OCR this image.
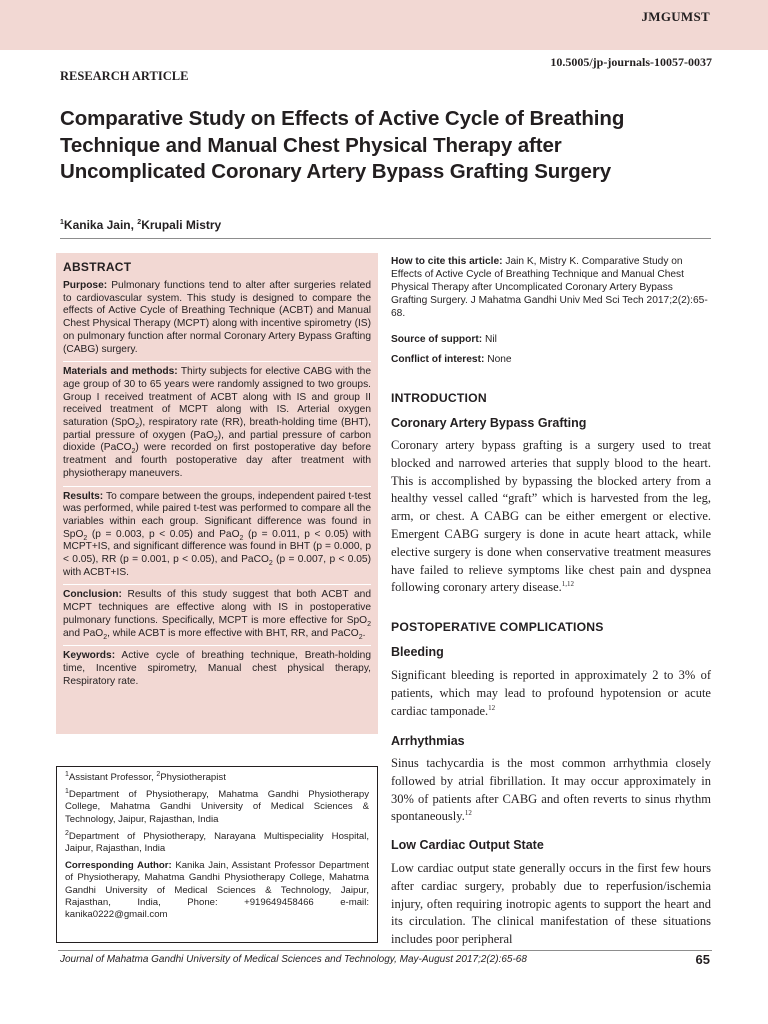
JMGUMST
10.5005/jp-journals-10057-0037
RESEARCH ARTICLE
Comparative Study on Effects of Active Cycle of Breathing Technique and Manual Chest Physical Therapy after Uncomplicated Coronary Artery Bypass Grafting Surgery
$^1$Kanika Jain, $^2$Krupali Mistry
ABSTRACT

Purpose: Pulmonary functions tend to alter after surgeries related to cardiovascular system. This study is designed to compare the effects of Active Cycle of Breathing Technique (ACBT) and Manual Chest Physical Therapy (MCPT) along with incentive spirometry (IS) on pulmonary function after normal Coronary Artery Bypass Grafting (CABG) surgery.

Materials and methods: Thirty subjects for elective CABG with the age group of 30 to 65 years were randomly assigned to two groups. Group I received treatment of ACBT along with IS and group II received treatment of MCPT along with IS. Arterial oxygen saturation (SpO$_2$), respiratory rate (RR), breath-holding time (BHT), partial pressure of oxygen (PaO$_2$), and partial pressure of carbon dioxide (PaCO$_2$) were recorded on first postoperative day before treatment and fourth postoperative day after treatment with physiotherapy maneuvers.

Results: To compare between the groups, independent paired t-test was performed, while paired t-test was performed to compare all the variables within each group. Significant difference was found in SpO$_2$ (p = 0.003, p < 0.05) and PaO$_2$ (p = 0.011, p < 0.05) with MCPT+IS, and significant difference was found in BHT (p = 0.000, p < 0.05), RR (p = 0.001, p < 0.05), and PaCO$_2$ (p = 0.007, p < 0.05) with ACBT+IS.

Conclusion: Results of this study suggest that both ACBT and MCPT techniques are effective along with IS in postoperative pulmonary functions. Specifically, MCPT is more effective for SpO$_2$ and PaO$_2$, while ACBT is more effective with BHT, RR, and PaCO$_2$.

Keywords: Active cycle of breathing technique, Breath-holding time, Incentive spirometry, Manual chest physical therapy, Respiratory rate.

$^1$Assistant Professor, $^2$Physiotherapist

$^1$Department of Physiotherapy, Mahatma Gandhi Physiotherapy College, Mahatma Gandhi University of Medical Sciences & Technology, Jaipur, Rajasthan, India

$^2$Department of Physiotherapy, Narayana Multispeciality Hospital, Jaipur, Rajasthan, India

Corresponding Author: Kanika Jain, Assistant Professor Department of Physiotherapy, Mahatma Gandhi Physiotherapy College, Mahatma Gandhi University of Medical Sciences & Technology, Jaipur, Rajasthan, India, Phone: +919649458466 e-mail: kanika0222@gmail.com

How to cite this article: Jain K, Mistry K. Comparative Study on Effects of Active Cycle of Breathing Technique and Manual Chest Physical Therapy after Uncomplicated Coronary Artery Bypass Grafting Surgery. J Mahatma Gandhi Univ Med Sci Tech 2017;2(2):65-68.

Source of support: Nil

Conflict of interest: None

INTRODUCTION
Coronary Artery Bypass Grafting

Coronary artery bypass grafting is a surgery used to treat blocked and narrowed arteries that supply blood to the heart. This is accomplished by bypassing the blocked artery from a healthy vessel called “graft” which is harvested from the leg, arm, or chest. A CABG can be either emergent or elective. Emergent CABG surgery is done in acute heart attack, while elective surgery is done when conservative treatment measures have failed to relieve symptoms like chest pain and dyspnea following coronary artery disease.$^{1,12}$

POSTOPERATIVE COMPLICATIONS
Bleeding

Significant bleeding is reported in approximately 2 to 3% of patients, which may lead to profound hypotension or acute cardiac tamponade.$^{12}$

Arrhythmias

Sinus tachycardia is the most common arrhythmia closely followed by atrial fibrillation. It may occur approximately in 30% of patients after CABG and often reverts to sinus rhythm spontaneously.$^{12}$

Low Cardiac Output State

Low cardiac output state generally occurs in the first few hours after cardiac surgery, probably due to reperfusion/ischemia injury, often requiring inotropic agents to support the heart and its circulation. The clinical manifestation of these situations includes poor peripheral

Journal of Mahatma Gandhi University of Medical Sciences and Technology, May-August 2017;2(2):65-68	65
